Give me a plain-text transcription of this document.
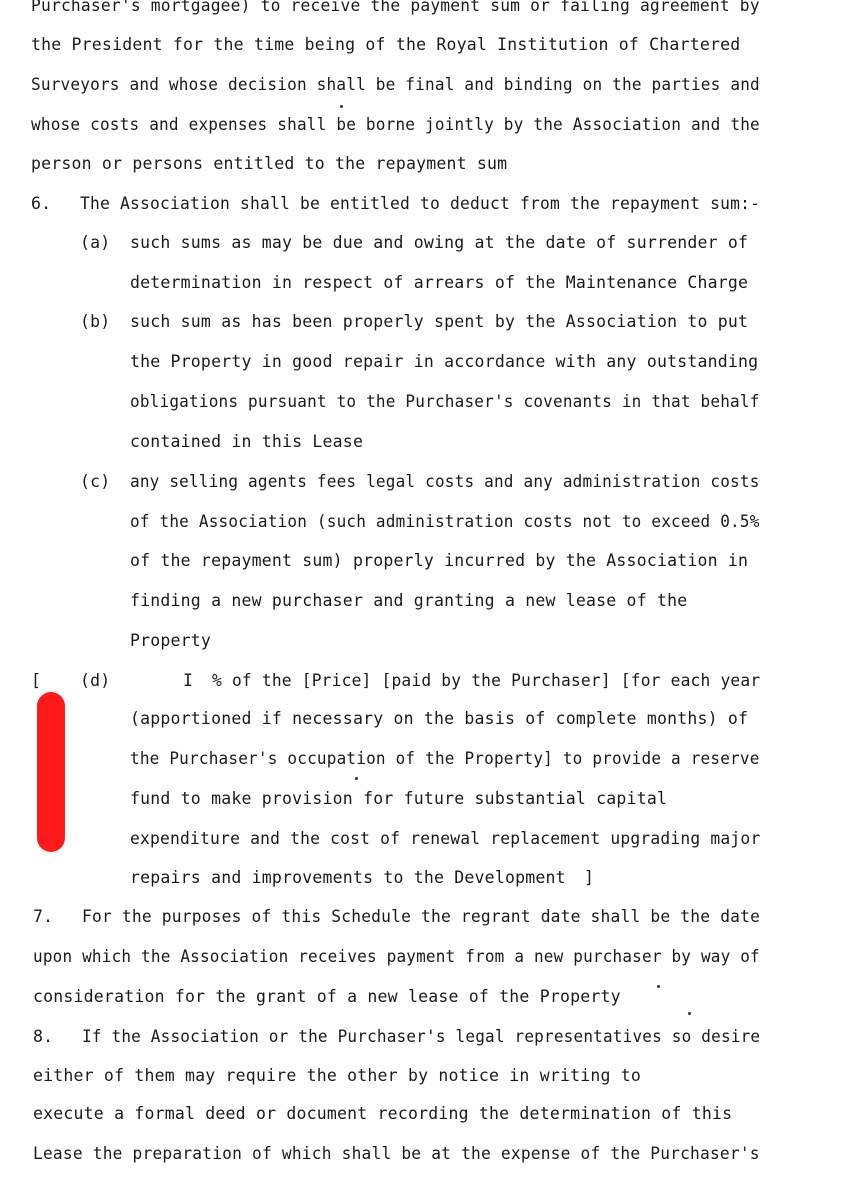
Purchaser's mortgagee) to receive the payment sum or failing agreement by
the President for the time being of the Royal Institution of Chartered
Surveyors and whose decision shall be final and binding on the parties and
whose costs and expenses shall be borne jointly by the Association and the
person or persons entitled to the repayment sum
6. The Association shall be entitled to deduct from the repayment sum:-
(a) such sums as may be due and owing at the date of surrender of
determination in respect of arrears of the Maintenance Charge
(b) such sum as has been properly spent by the Association to put
the Property in good repair in accordance with any outstanding
obligations pursuant to the Purchaser's covenants in that behalf
contained in this Lease
(c) any selling agents fees legal costs and any administration costs
of the Association (such administration costs not to exceed 0.5%
of the repayment sum) properly incurred by the Association in
finding a new purchaser and granting a new lease of the
Property
[ (d)	I % of the [Price] [paid by the Purchaser] [for each year
(apportioned if necessary on the basis of complete months) of
the Purchaser's occupation of the Property] to provide a reserve
fund to make provision for future substantial capital
expenditure and the cost of renewal replacement upgrading major
repairs and improvements to the Development ]
7. For the purposes of this Schedule the regrant date shall be the date
upon which the Association receives payment from a new purchaser by way of
consideration for the grant of a new lease of the Property
8. If the Association or the Purchaser's legal representatives so desire
either of them may require the other by notice in writing to
execute a formal deed or document recording the determination of this
Lease the preparation of which shall be at the expense of the Purchaser's
